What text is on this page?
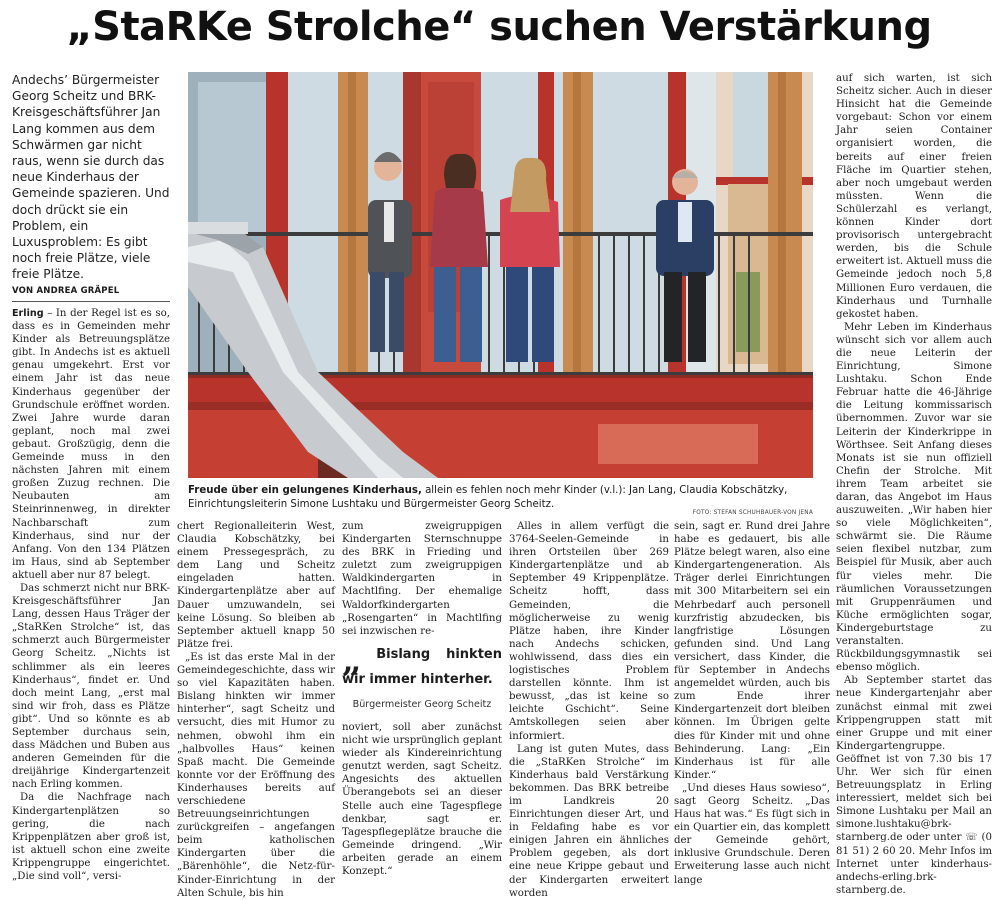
„StaRKe Strolche“ suchen Verstärkung
Andechs’ Bürgermeister Georg Scheitz und BRK-Kreisgeschäftsführer Jan Lang kommen aus dem Schwärmen gar nicht raus, wenn sie durch das neue Kinderhaus der Gemeinde spazieren. Und doch drückt sie ein Problem, ein Luxusproblem: Es gibt noch freie Plätze, viele freie Plätze.
VON ANDREA GRÄPEL

Erling – In der Regel ist es so, dass es in Gemeinden mehr Kinder als Betreuungsplätze gibt. In Andechs ist es aktuell genau umgekehrt. Erst vor einem Jahr ist das neue Kinderhaus gegenüber der Grundschule eröffnet worden. Zwei Jahre wurde daran geplant, noch mal zwei gebaut. Großzügig, denn die Gemeinde muss in den nächsten Jahren mit einem großen Zuzug rechnen. Die Neubauten am Steinrinnenweg, in direkter Nachbarschaft zum Kinderhaus, sind nur der Anfang. Von den 134 Plätzen im Haus, sind ab September aktuell aber nur 87 belegt.

Das schmerzt nicht nur BRK-Kreisgeschäftsführer Jan Lang, dessen Haus Träger der „StaRKen Strolche“ ist, das schmerzt auch Bürgermeister Georg Scheitz. „Nichts ist schlimmer als ein leeres Kinderhaus“, findet er. Und doch meint Lang, „erst mal sind wir froh, dass es Plätze gibt“. Und so könnte es ab September durchaus sein, dass Mädchen und Buben aus anderen Gemeinden für die dreijährige Kindergartenzeit nach Erling kommen.

Da die Nachfrage nach Kindergartenplätzen so gering, die nach Krippenplätzen aber groß ist, ist aktuell schon eine zweite Krippengruppe eingerichtet. „Die sind voll“, versi-

Freude über ein gelungenes Kinderhaus, allein es fehlen noch mehr Kinder (v.l.): Jan Lang, Claudia Kobschätzky, Einrichtungsleiterin Simone Lushtaku und Bürgermeister Georg Scheitz.
FOTO: STEFAN SCHUHBAUER-VON JENA

chert Regionalleiterin West, Claudia Kobschätzky, bei einem Pressegespräch, zu dem Lang und Scheitz eingeladen hatten. Kindergartenplätze aber auf Dauer umzuwandeln, sei keine Lösung. So bleiben ab September aktuell knapp 50 Plätze frei.

„Es ist das erste Mal in der Gemeindegeschichte, dass wir so viel Kapazitäten haben. Bislang hinkten wir immer hinterher“, sagt Scheitz und versucht, dies mit Humor zu nehmen, obwohl ihm ein „halbvolles Haus“ keinen Spaß macht. Die Gemeinde konnte vor der Eröffnung des Kinderhauses bereits auf verschiedene Betreuungseinrichtungen zurückgreifen – angefangen beim katholischen Kindergarten über die „Bärenhöhle“, die Netz-für-Kinder-Einrichtung in der Alten Schule, bis hin

zum zweigruppigen Kindergarten Sternschnuppe des BRK in Frieding und zuletzt zum zweigruppigen Waldkindergarten in Machtlfing. Der ehemalige Waldorfkindergarten „Rosengarten“ in Machtlfing sei inzwischen re-

„ Bislang hinkten wir immer hinterher.
Bürgermeister Georg Scheitz

noviert, soll aber zunächst nicht wie ursprünglich geplant wieder als Kindereinrichtung genutzt werden, sagt Scheitz. Angesichts des aktuellen Überangebots sei an dieser Stelle auch eine Tagespflege denkbar, sagt er. Tagespflegeplätze brauche die Gemeinde dringend. „Wir arbeiten gerade an einem Konzept.“

Alles in allem verfügt die 3764-Seelen-Gemeinde in ihren Ortsteilen über 269 Kindergartenplätze und ab September 49 Krippenplätze. Scheitz hofft, dass Gemeinden, die möglicherweise zu wenig Plätze haben, ihre Kinder nach Andechs schicken, wohlwissend, dass dies ein logistisches Problem darstellen könnte. Ihm ist bewusst, „das ist keine so leichte Gschicht“. Seine Amtskollegen seien aber informiert.

Lang ist guten Mutes, dass die „StaRKen Strolche“ im Kinderhaus bald Verstärkung bekommen. Das BRK betreibe im Landkreis 20 Einrichtungen dieser Art, und in Feldafing habe es vor einigen Jahren ein ähnliches Problem gegeben, als dort eine neue Krippe gebaut und der Kindergarten erweitert worden

sein, sagt er. Rund drei Jahre habe es gedauert, bis alle Plätze belegt waren, also eine Kindergartengeneration. Als Träger derlei Einrichtungen mit 300 Mitarbeitern sei ein Mehrbedarf auch personell kurzfristig abzudecken, bis langfristige Lösungen gefunden sind. Und Lang versichert, dass Kinder, die für September in Andechs angemeldet würden, auch bis zum Ende ihrer Kindergartenzeit dort bleiben können. Im Übrigen gelte dies für Kinder mit und ohne Behinderung. Lang: „Ein Kinderhaus ist für alle Kinder.“

„Und dieses Haus sowieso“, sagt Georg Scheitz. „Das Haus hat was.“ Es fügt sich in ein Quartier ein, das komplett der Gemeinde gehört, inklusive Grundschule. Deren Erweiterung lasse auch nicht lange

auf sich warten, ist sich Scheitz sicher. Auch in dieser Hinsicht hat die Gemeinde vorgebaut: Schon vor einem Jahr seien Container organisiert worden, die bereits auf einer freien Fläche im Quartier stehen, aber noch umgebaut werden müssten. Wenn die Schülerzahl es verlangt, können Kinder dort provisorisch untergebracht werden, bis die Schule erweitert ist. Aktuell muss die Gemeinde jedoch noch 5,8 Millionen Euro verdauen, die Kinderhaus und Turnhalle gekostet haben.

Mehr Leben im Kinderhaus wünscht sich vor allem auch die neue Leiterin der Einrichtung, Simone Lushtaku. Schon Ende Februar hatte die 46-Jährige die Leitung kommissarisch übernommen. Zuvor war sie Leiterin der Kinderkrippe in Wörthsee. Seit Anfang dieses Monats ist sie nun offiziell Chefin der Strolche. Mit ihrem Team arbeitet sie daran, das Angebot im Haus auszuweiten. „Wir haben hier so viele Möglichkeiten“, schwärmt sie. Die Räume seien flexibel nutzbar, zum Beispiel für Musik, aber auch für vieles mehr. Die räumlichen Voraussetzungen mit Gruppenräumen und Küche ermöglichten sogar, Kindergeburtstage zu veranstalten. Rückbildungsgymnastik sei ebenso möglich.

Ab September startet das neue Kindergartenjahr aber zunächst einmal mit zwei Krippengruppen statt mit einer Gruppe und mit einer Kindergartengruppe. Geöffnet ist von 7.30 bis 17 Uhr. Wer sich für einen Betreuungsplatz in Erling interessiert, meldet sich bei Simone Lushtaku per Mail an simone.lushtaku@brk-starnberg.de oder unter ☏ (0 81 51) 2 60 20. Mehr Infos im Internet unter kinderhaus-andechs-erling.brk-starnberg.de.
